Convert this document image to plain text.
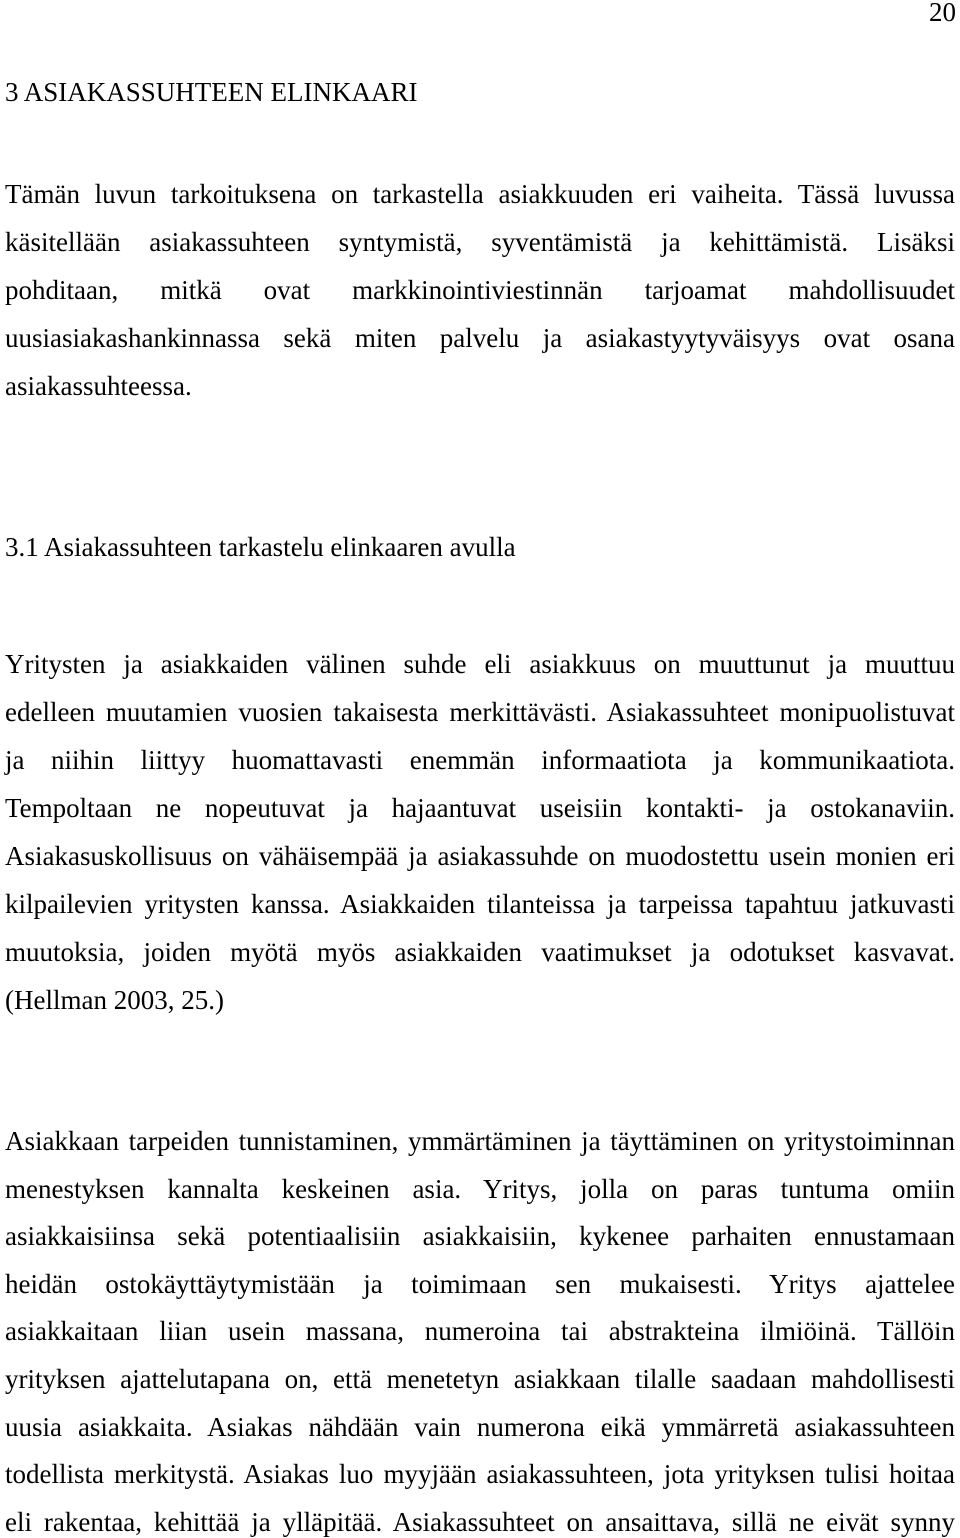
20
3 ASIAKASSUHTEEN ELINKAARI
Tämän luvun tarkoituksena on tarkastella asiakkuuden eri vaiheita. Tässä luvussa
käsitellään asiakassuhteen syntymistä, syventämistä ja kehittämistä. Lisäksi
pohditaan, mitkä ovat markkinointiviestinnän tarjoamat mahdollisuudet
uusiasiakashankinnassa sekä miten palvelu ja asiakastyytyväisyys ovat osana
asiakassuhteessa.
3.1 Asiakassuhteen tarkastelu elinkaaren avulla
Yritysten ja asiakkaiden välinen suhde eli asiakkuus on muuttunut ja muuttuu
edelleen muutamien vuosien takaisesta merkittävästi. Asiakassuhteet monipuolistuvat
ja niihin liittyy huomattavasti enemmän informaatiota ja kommunikaatiota.
Tempoltaan ne nopeutuvat ja hajaantuvat useisiin kontakti- ja ostokanaviin.
Asiakasuskollisuus on vähäisempää ja asiakassuhde on muodostettu usein monien eri
kilpailevien yritysten kanssa. Asiakkaiden tilanteissa ja tarpeissa tapahtuu jatkuvasti
muutoksia, joiden myötä myös asiakkaiden vaatimukset ja odotukset kasvavat.
(Hellman 2003, 25.)
Asiakkaan tarpeiden tunnistaminen, ymmärtäminen ja täyttäminen on yritystoiminnan
menestyksen kannalta keskeinen asia. Yritys, jolla on paras tuntuma omiin
asiakkaisiinsa sekä potentiaalisiin asiakkaisiin, kykenee parhaiten ennustamaan
heidän ostokäyttäytymistään ja toimimaan sen mukaisesti. Yritys ajattelee
asiakkaitaan liian usein massana, numeroina tai abstrakteina ilmiöinä. Tällöin
yrityksen ajattelutapana on, että menetetyn asiakkaan tilalle saadaan mahdollisesti
uusia asiakkaita. Asiakas nähdään vain numerona eikä ymmärretä asiakassuhteen
todellista merkitystä. Asiakas luo myyjään asiakassuhteen, jota yrityksen tulisi hoitaa
eli rakentaa, kehittää ja ylläpitää. Asiakassuhteet on ansaittava, sillä ne eivät synny
